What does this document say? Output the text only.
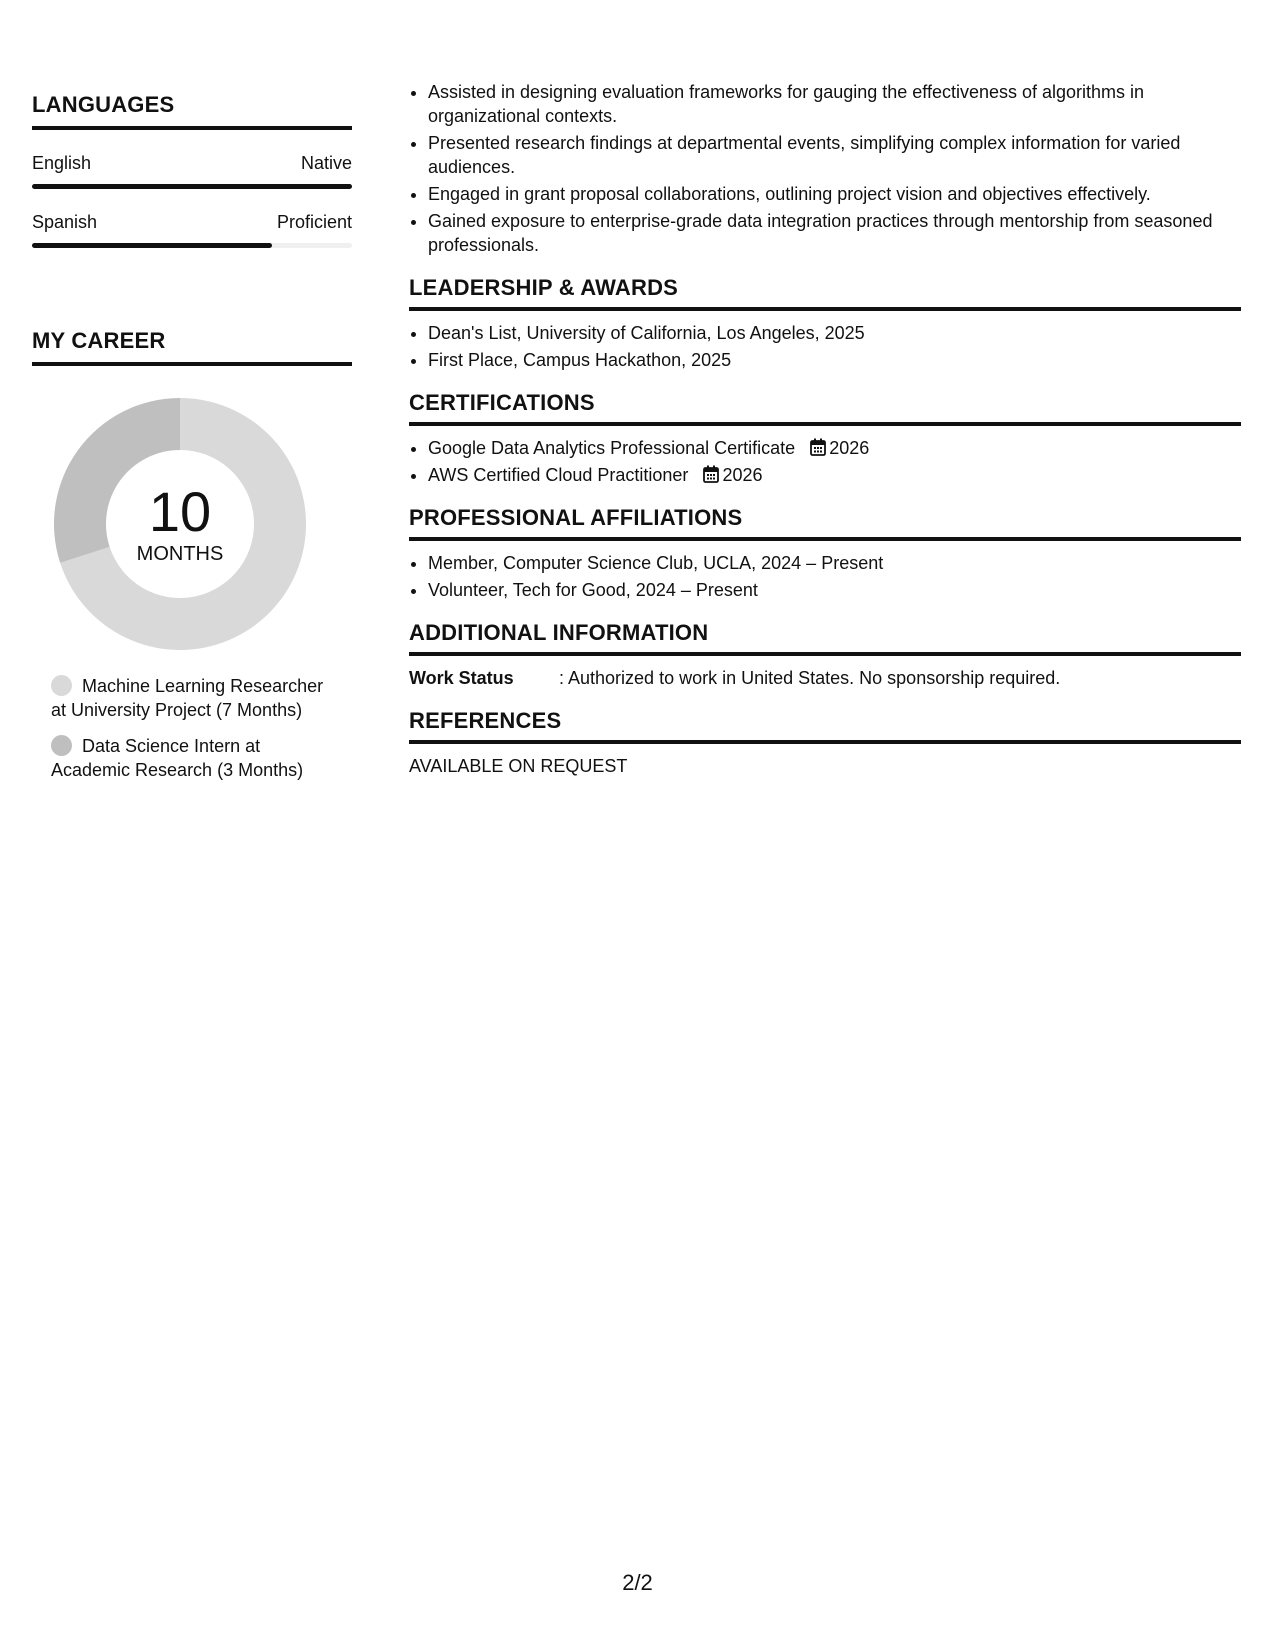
LANGUAGES
English	Native
Spanish	Proficient
MY CAREER
10
MONTHS
Machine Learning Researcher at University Project (7 Months)
Data Science Intern at Academic Research (3 Months)
• Assisted in designing evaluation frameworks for gauging the effectiveness of algorithms in organizational contexts.
• Presented research findings at departmental events, simplifying complex information for varied audiences.
• Engaged in grant proposal collaborations, outlining project vision and objectives effectively.
• Gained exposure to enterprise-grade data integration practices through mentorship from seasoned professionals.
LEADERSHIP & AWARDS
• Dean's List, University of California, Los Angeles, 2025
• First Place, Campus Hackathon, 2025
CERTIFICATIONS
• Google Data Analytics Professional Certificate 2026
• AWS Certified Cloud Practitioner 2026
PROFESSIONAL AFFILIATIONS
• Member, Computer Science Club, UCLA, 2024 – Present
• Volunteer, Tech for Good, 2024 – Present
ADDITIONAL INFORMATION
Work Status	: Authorized to work in United States. No sponsorship required.
REFERENCES
AVAILABLE ON REQUEST
2/2
